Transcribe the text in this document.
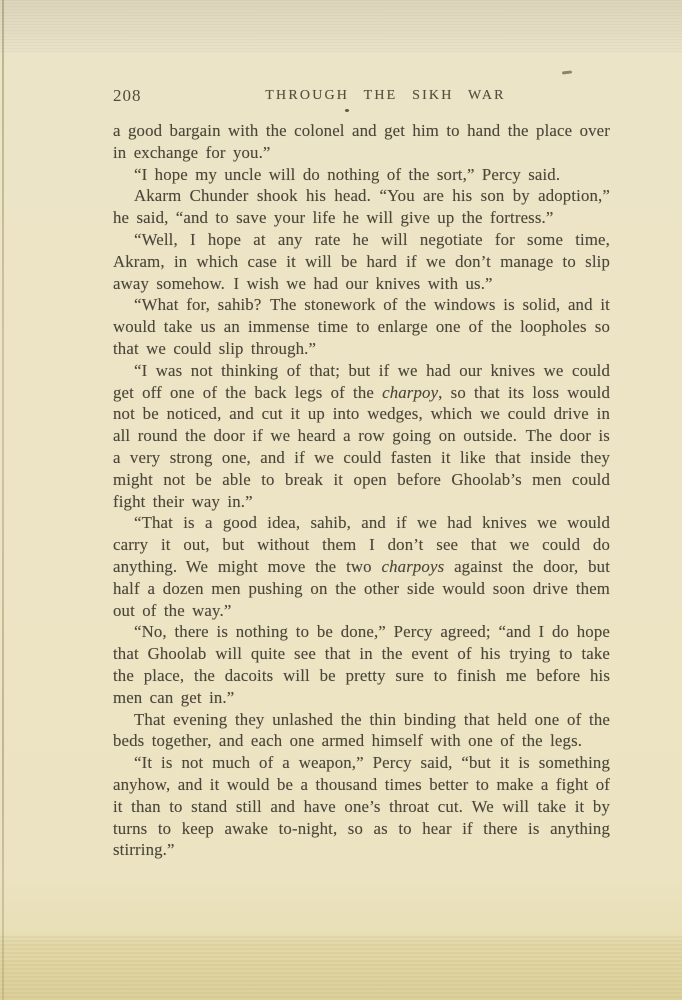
208	THROUGH THE SIKH WAR

a good bargain with the colonel and get him to hand the place over in exchange for you.”

“I hope my uncle will do nothing of the sort,” Percy said.

Akarm Chunder shook his head. “You are his son by adoption,” he said, “and to save your life he will give up the fortress.”

“Well, I hope at any rate he will negotiate for some time, Akram, in which case it will be hard if we don’t manage to slip away somehow. I wish we had our knives with us.”

“What for, sahib? The stonework of the windows is solid, and it would take us an immense time to enlarge one of the loopholes so that we could slip through.”

“I was not thinking of that; but if we had our knives we could get off one of the back legs of the charpoy, so that its loss would not be noticed, and cut it up into wedges, which we could drive in all round the door if we heard a row going on outside. The door is a very strong one, and if we could fasten it like that inside they might not be able to break it open before Ghoolab’s men could fight their way in.”

“That is a good idea, sahib, and if we had knives we would carry it out, but without them I don’t see that we could do anything. We might move the two charpoys against the door, but half a dozen men pushing on the other side would soon drive them out of the way.”

“No, there is nothing to be done,” Percy agreed; “and I do hope that Ghoolab will quite see that in the event of his trying to take the place, the dacoits will be pretty sure to finish me before his men can get in.”

That evening they unlashed the thin binding that held one of the beds together, and each one armed himself with one of the legs.

“It is not much of a weapon,” Percy said, “but it is something anyhow, and it would be a thousand times better to make a fight of it than to stand still and have one’s throat cut. We will take it by turns to keep awake to-night, so as to hear if there is anything stirring.”
